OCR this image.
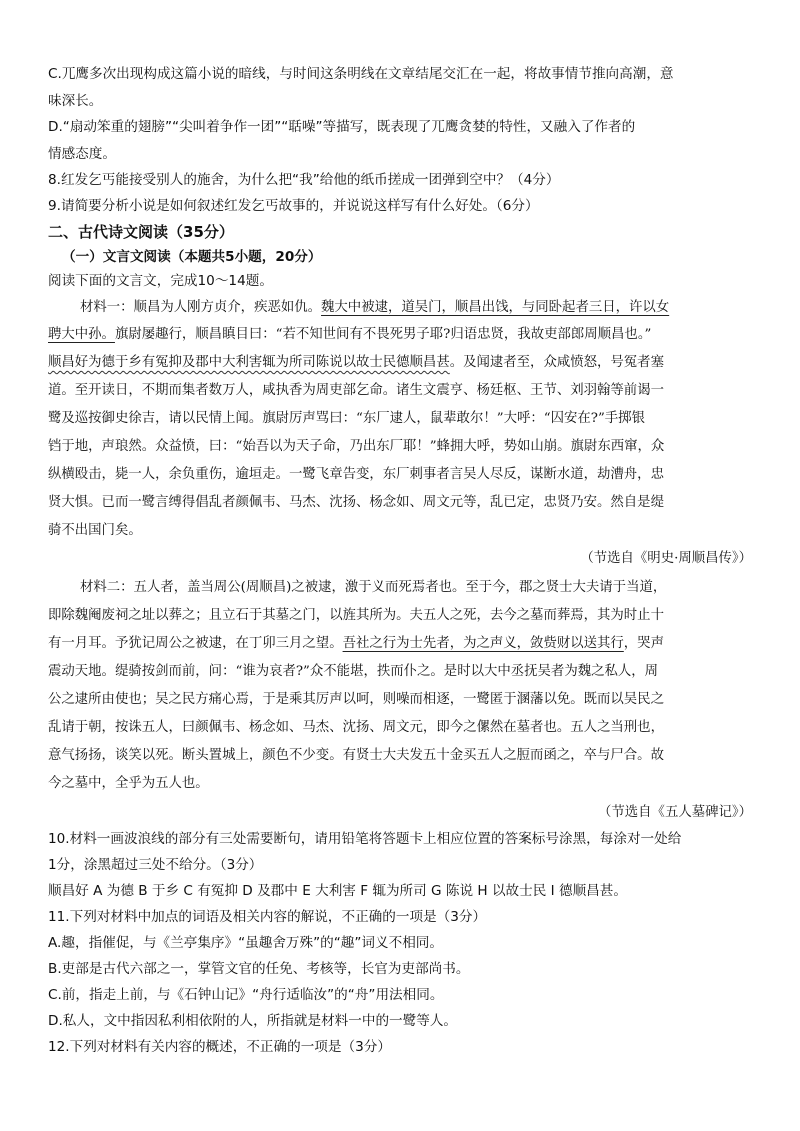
C.兀鹰多次出现构成这篇小说的暗线，与时间这条明线在文章结尾交汇在一起，将故事情节推向高潮，意
味深长。
D.“扇动笨重的翅膀”“尖叫着争作一团”“聒噪”等描写，既表现了兀鹰贪婪的特性，又融入了作者的
情感态度。
8.红发乞丐能接受别人的施舍，为什么把“我”给他的纸币搓成一团弹到空中？（4分）
9.请简要分析小说是如何叙述红发乞丐故事的，并说说这样写有什么好处。（6分）
二、古代诗文阅读（35分）
（一）文言文阅读（本题共5小题，20分）
阅读下面的文言文，完成10～14题。
材料一：顺昌为人刚方贞介，疾恶如仇。魏大中被逮，道吴门，顺昌出饯，与同卧起者三日，许以女
聘大中孙。旗尉屡趣行，顺昌瞋目曰：“若不知世间有不畏死男子耶?归语忠贤，我故吏部郎周顺昌也。”
顺昌好为德于乡有冤抑及郡中大利害辄为所司陈说以故士民德顺昌甚。及闻逮者至，众咸愤怒，号冤者塞
道。至开读日，不期而集者数万人，咸执香为周吏部乞命。诸生文震亨、杨廷枢、王节、刘羽翰等前谒一
鹭及巡按御史徐吉，请以民情上闻。旗尉厉声骂曰：“东厂逮人，鼠辈敢尔！”大呼：“囚安在?”手掷银
铛于地，声琅然。众益愤，曰：“始吾以为天子命，乃出东厂耶！”蜂拥大呼，势如山崩。旗尉东西窜，众
纵横殴击，毙一人，余负重伤，逾垣走。一鹭飞章告变，东厂刺事者言吴人尽反，谋断水道，劫漕舟，忠
贤大惧。已而一鹭言缚得倡乱者颜佩韦、马杰、沈扬、杨念如、周文元等，乱已定，忠贤乃安。然自是缇
骑不出国门矣。
（节选自《明史·周顺昌传》）
材料二：五人者，盖当周公(周顺昌)之被逮，激于义而死焉者也。至于今，郡之贤士大夫请于当道，
即除魏阉废祠之址以葬之；且立石于其墓之门，以旌其所为。夫五人之死，去今之墓而葬焉，其为时止十
有一月耳。予犹记周公之被逮，在丁卯三月之望。吾社之行为士先者，为之声义，敛赀财以送其行，哭声
震动天地。缇骑按剑而前，问：“谁为哀者?”众不能堪，抶而仆之。是时以大中丞抚吴者为魏之私人，周
公之逮所由使也；吴之民方痛心焉，于是乘其厉声以呵，则噪而相逐，一鹭匿于溷藩以免。既而以吴民之
乱请于朝，按诛五人，曰颜佩韦、杨念如、马杰、沈扬、周文元，即今之傫然在墓者也。五人之当刑也，
意气扬扬，谈笑以死。断头置城上，颜色不少变。有贤士大夫发五十金买五人之脰而函之，卒与尸合。故
今之墓中，全乎为五人也。
（节选自《五人墓碑记》）
10.材料一画波浪线的部分有三处需要断句，请用铅笔将答题卡上相应位置的答案标号涂黑，每涂对一处给
1分，涂黑超过三处不给分。（3分）
顺昌好 A 为德 B 于乡 C 有冤抑 D 及郡中 E 大利害 F 辄为所司 G 陈说 H 以故士民 I 德顺昌甚。
11.下列对材料中加点的词语及相关内容的解说，不正确的一项是（3分）
A.趣，指催促，与《兰亭集序》“虽趣舍万殊”的“趣”词义不相同。
B.吏部是古代六部之一，掌管文官的任免、考核等，长官为吏部尚书。
C.前，指走上前，与《石钟山记》“舟行适临汝”的“舟”用法相同。
D.私人，文中指因私利相依附的人，所指就是材料一中的一鹭等人。
12.下列对材料有关内容的概述，不正确的一项是（3分）
